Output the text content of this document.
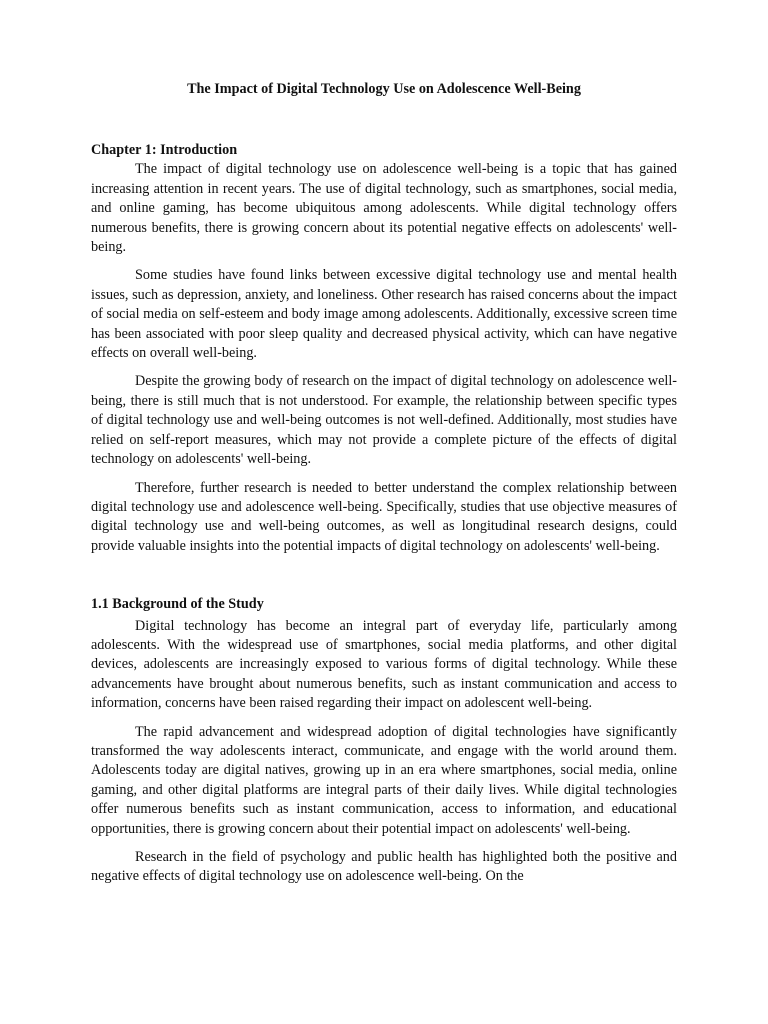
The Impact of Digital Technology Use on Adolescence Well-Being
Chapter 1: Introduction

The impact of digital technology use on adolescence well-being is a topic that has gained increasing attention in recent years. The use of digital technology, such as smartphones, social media, and online gaming, has become ubiquitous among adolescents. While digital technology offers numerous benefits, there is growing concern about its potential negative effects on adolescents' well-being.

Some studies have found links between excessive digital technology use and mental health issues, such as depression, anxiety, and loneliness. Other research has raised concerns about the impact of social media on self-esteem and body image among adolescents. Additionally, excessive screen time has been associated with poor sleep quality and decreased physical activity, which can have negative effects on overall well-being.

Despite the growing body of research on the impact of digital technology on adolescence well-being, there is still much that is not understood. For example, the relationship between specific types of digital technology use and well-being outcomes is not well-defined. Additionally, most studies have relied on self-report measures, which may not provide a complete picture of the effects of digital technology on adolescents' well-being.

Therefore, further research is needed to better understand the complex relationship between digital technology use and adolescence well-being. Specifically, studies that use objective measures of digital technology use and well-being outcomes, as well as longitudinal research designs, could provide valuable insights into the potential impacts of digital technology on adolescents' well-being.

1.1 Background of the Study

Digital technology has become an integral part of everyday life, particularly among adolescents. With the widespread use of smartphones, social media platforms, and other digital devices, adolescents are increasingly exposed to various forms of digital technology. While these advancements have brought about numerous benefits, such as instant communication and access to information, concerns have been raised regarding their impact on adolescent well-being.

The rapid advancement and widespread adoption of digital technologies have significantly transformed the way adolescents interact, communicate, and engage with the world around them. Adolescents today are digital natives, growing up in an era where smartphones, social media, online gaming, and other digital platforms are integral parts of their daily lives. While digital technologies offer numerous benefits such as instant communication, access to information, and educational opportunities, there is growing concern about their potential impact on adolescents' well-being.

Research in the field of psychology and public health has highlighted both the positive and negative effects of digital technology use on adolescence well-being. On the
